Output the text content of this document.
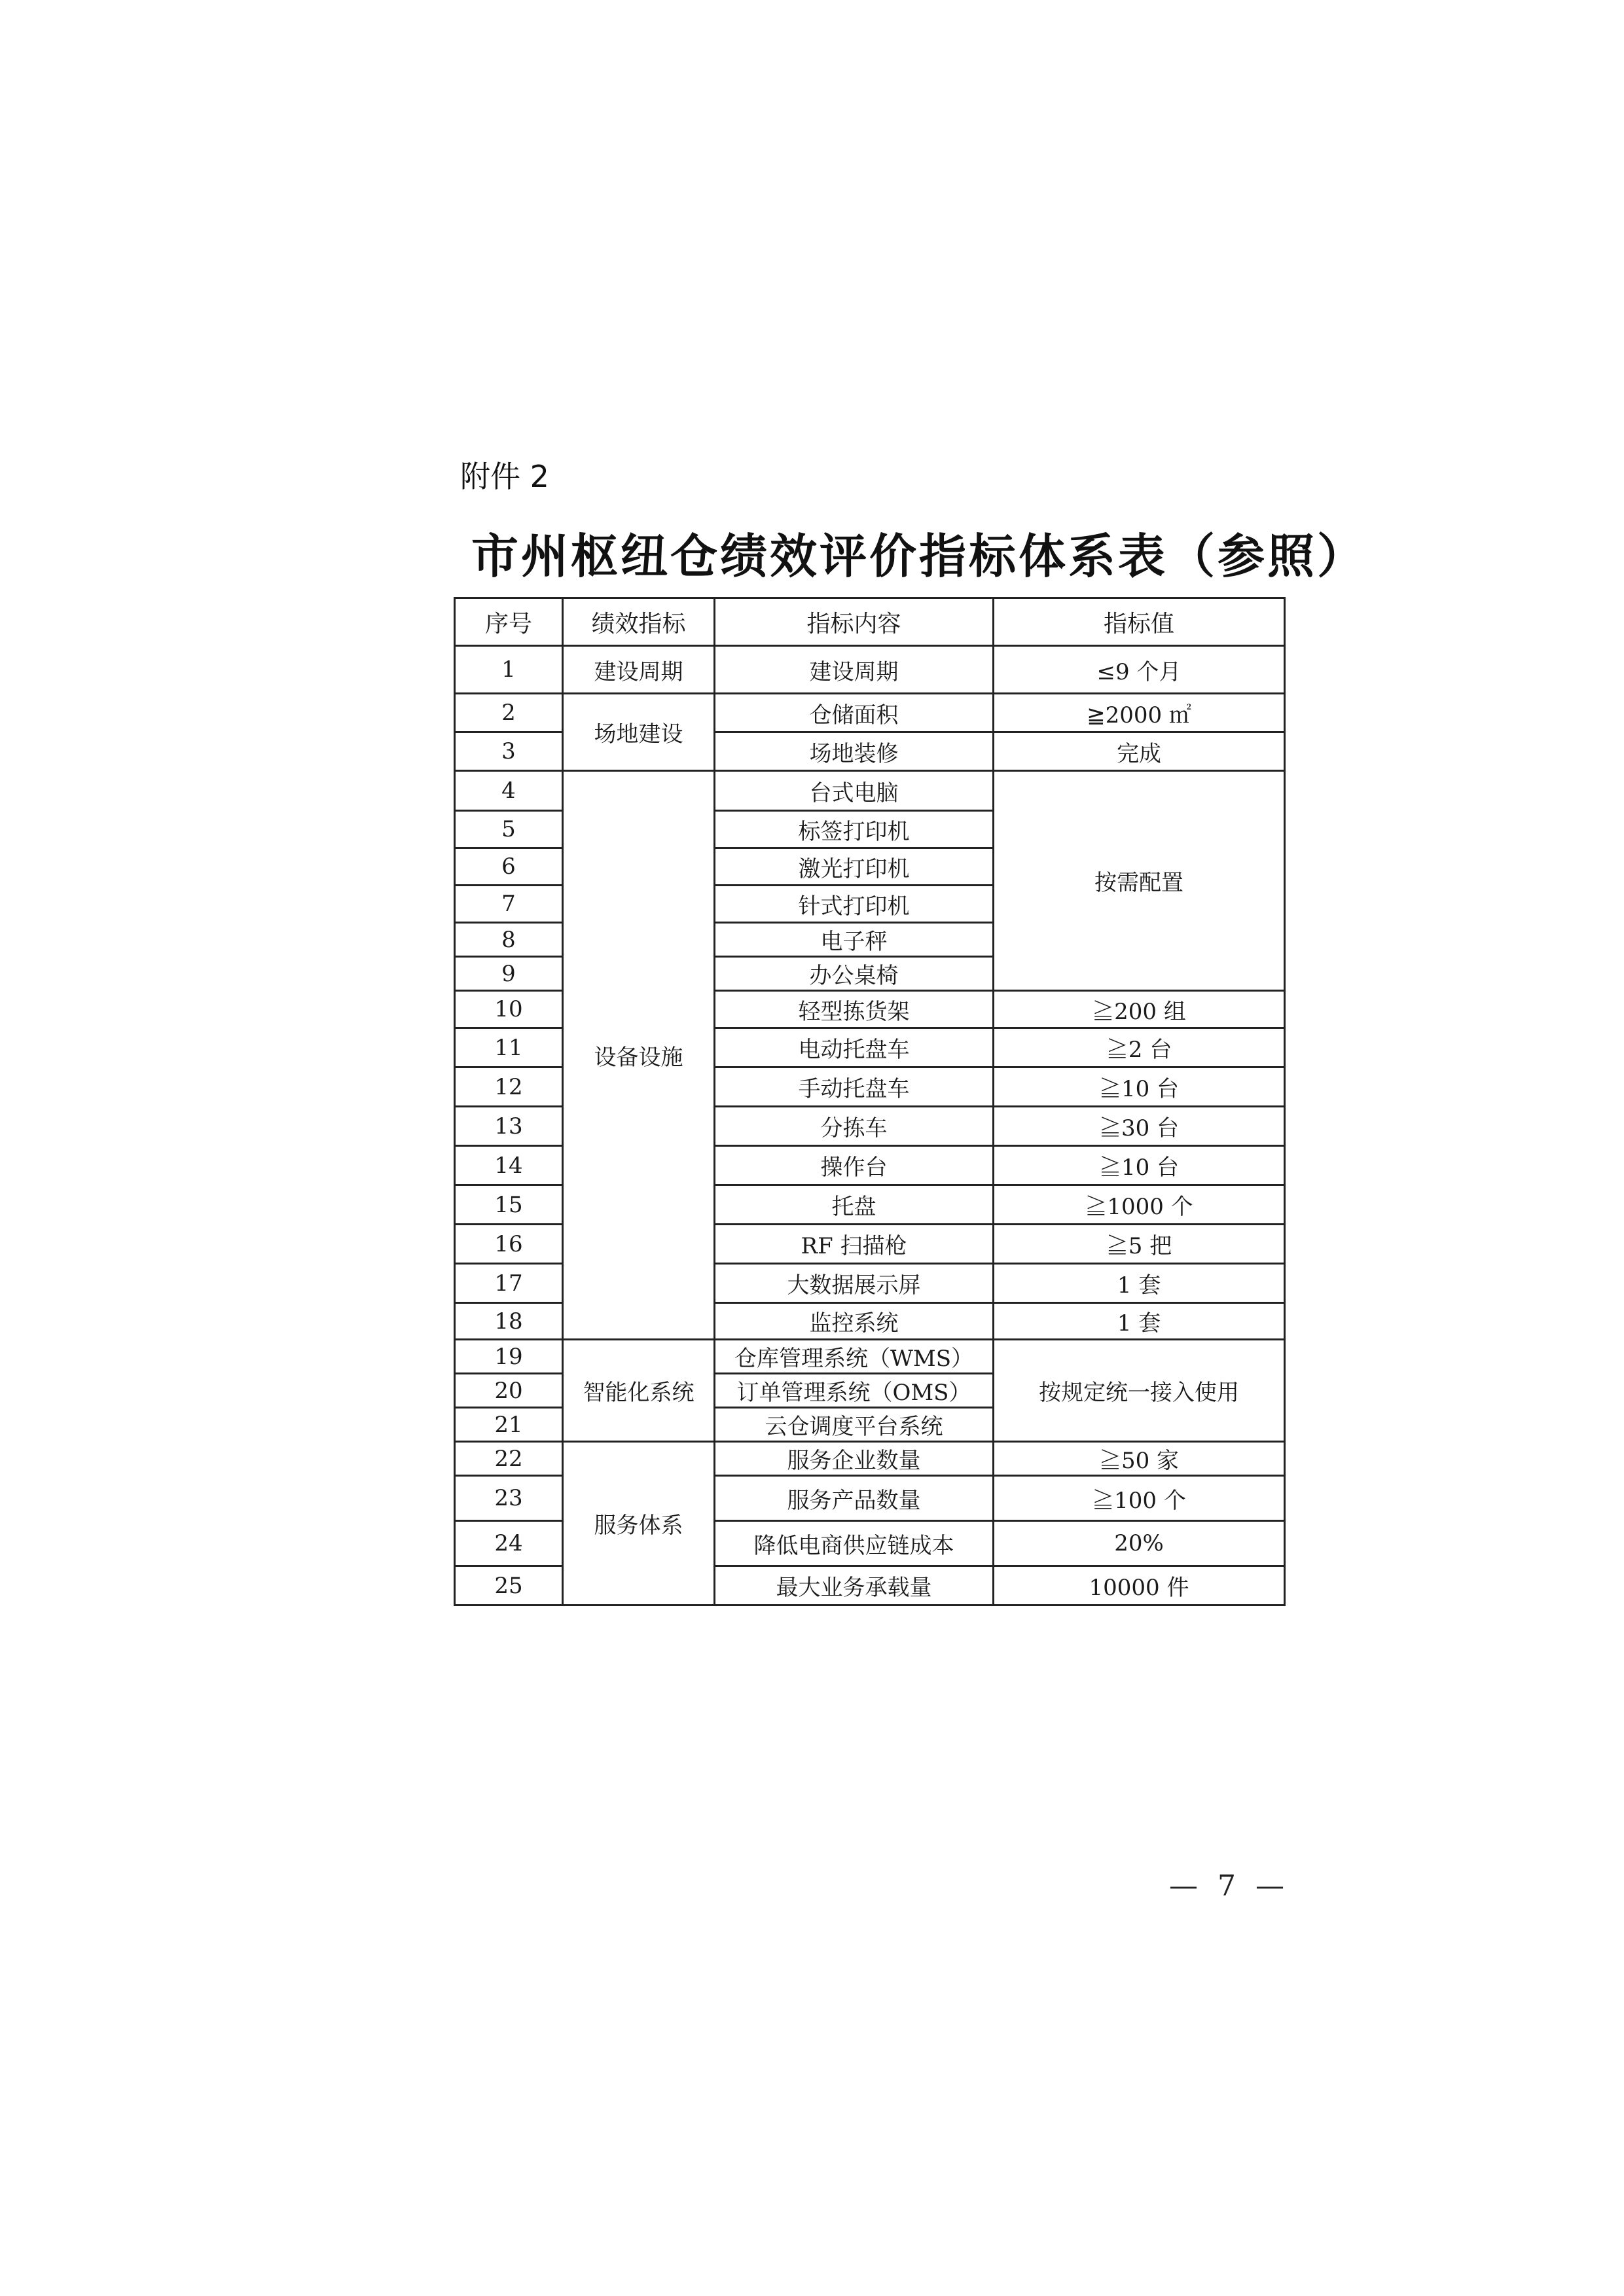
附件 2
市州枢纽仓绩效评价指标体系表（参照）
序号	绩效指标	指标内容	指标值
1	建设周期	建设周期	≤9 个月
2	场地建设	仓储面积	≧2000 ㎡
3		场地装修	完成
4	设备设施	台式电脑	按需配置
5		标签打印机	
6		激光打印机	
7		针式打印机	
8		电子秤	
9		办公桌椅	
10		轻型拣货架	≧200 组
11		电动托盘车	≧2 台
12		手动托盘车	≧10 台
13		分拣车	≧30 台
14		操作台	≧10 台
15		托盘	≧1000 个
16		RF 扫描枪	≧5 把
17		大数据展示屏	1 套
18		监控系统	1 套
19	智能化系统	仓库管理系统（WMS）	按规定统一接入使用
20		订单管理系统（OMS）	
21		云仓调度平台系统	
22	服务体系	服务企业数量	≧50 家
23		服务产品数量	≧100 个
24		降低电商供应链成本	20%
25		最大业务承载量	10000 件
— 7 —
